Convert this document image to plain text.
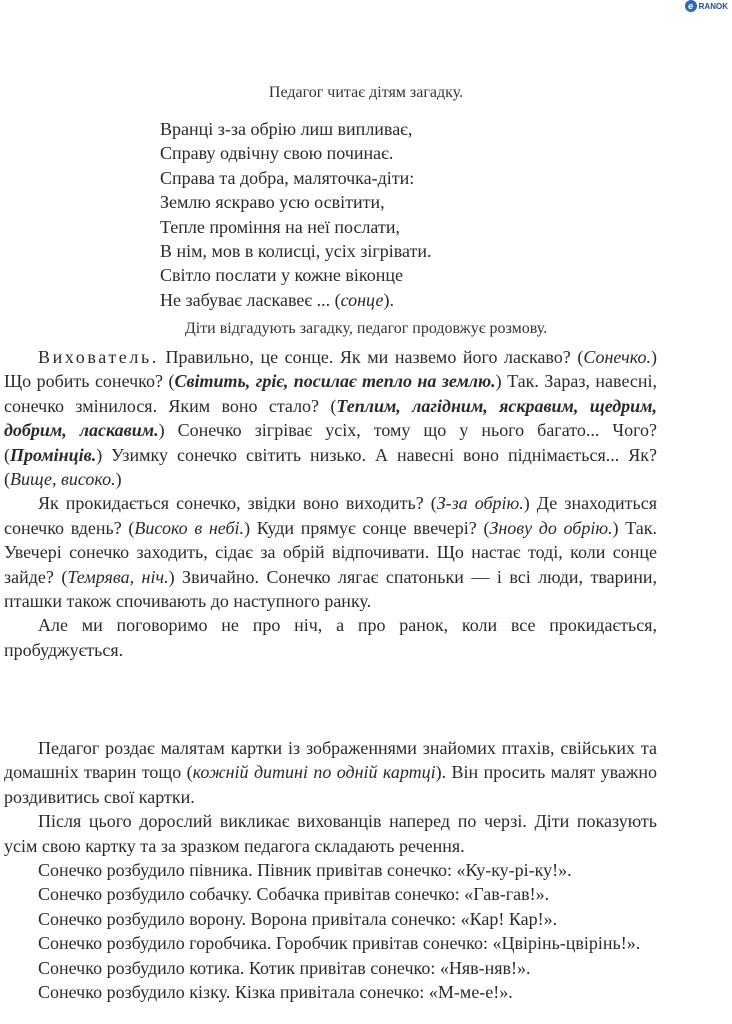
e RANOK
Педагог читає дітям загадку.
Вранці з-за обрію лиш випливає,
Справу одвічну свою починає.
Справа та добра, маляточка-діти:
Землю яскраво усю освітити,
Тепле проміння на неї послати,
В нім, мов в колисці, усіх зігрівати.
Світло послати у кожне віконце
Не забуває ласкавеє ... (сонце).
Діти відгадують загадку, педагог продовжує розмову.

Вихователь. Правильно, це сонце. Як ми назвемо його ласкаво? (Сонечко.) Що робить сонечко? (Світить, гріє, посилає тепло на землю.) Так. Зараз, навесні, сонечко змінилося. Яким воно стало? (Теплим, лагідним, яскравим, щедрим, добрим, ласкавим.) Сонечко зігріває усіх, тому що у нього багато... Чого? (Промінців.) Узимку сонечко світить низько. А навесні воно піднімається... Як? (Вище, високо.)

Як прокидається сонечко, звідки воно виходить? (З-за обрію.) Де знаходиться сонечко вдень? (Високо в небі.) Куди прямує сонце ввечері? (Знову до обрію.) Так. Увечері сонечко заходить, сідає за обрій відпочивати. Що настає тоді, коли сонце зайде? (Темрява, ніч.) Звичайно. Сонечко лягає спатоньки — і всі люди, тварини, пташки також спочивають до наступного ранку.

Але ми поговоримо не про ніч, а про ранок, коли все прокидається, пробуджується.

Педагог роздає малятам картки із зображеннями знайомих птахів, свійських та домашніх тварин тощо (кожній дитині по одній картці). Він просить малят уважно роздивитись свої картки.

Після цього дорослий викликає вихованців наперед по черзі. Діти показують усім свою картку та за зразком педагога складають речення.

Сонечко розбудило півника. Півник привітав сонечко: «Ку-ку-рі-ку!».

Сонечко розбудило собачку. Собачка привітав сонечко: «Гав-гав!».

Сонечко розбудило ворону. Ворона привітала сонечко: «Кар! Кар!».

Сонечко розбудило горобчика. Горобчик привітав сонечко: «Цвірінь-цвірінь!».

Сонечко розбудило котика. Котик привітав сонечко: «Няв-няв!».

Сонечко розбудило кізку. Кізка привітала сонечко: «М-ме-е!».
